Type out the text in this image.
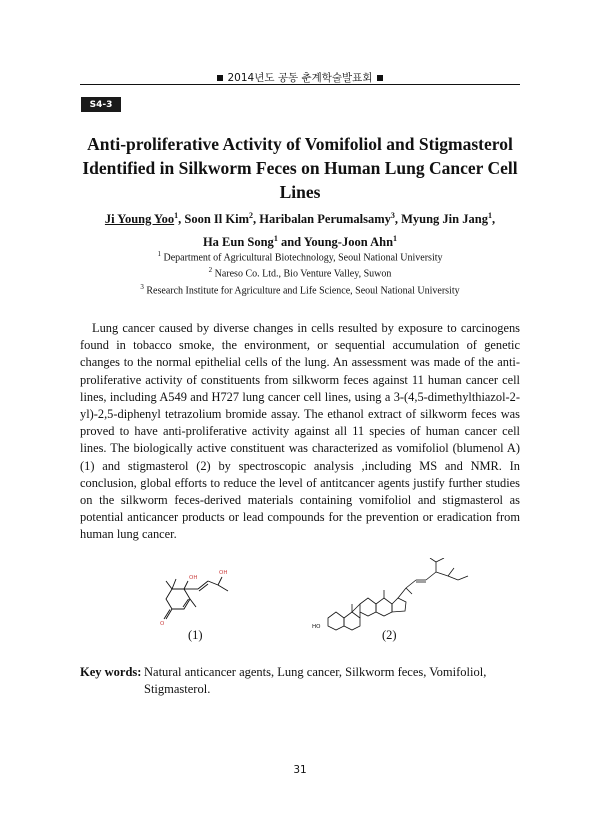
2014년도 공동 춘계학술발표회
S4-3
Anti-proliferative Activity of Vomifoliol and Stigmasterol
Identified in Silkworm Feces on Human Lung Cancer Cell Lines
Ji Young Yoo$^1$, Soon Il Kim$^2$, Haribalan Perumalsamy$^3$, Myung Jin Jang$^1$,
Ha Eun Song$^1$ and Young-Joon Ahn$^1$
$^1$ Department of Agricultural Biotechnology, Seoul National University
$^2$ Nareso Co. Ltd., Bio Venture Valley, Suwon
$^3$ Research Institute for Agriculture and Life Science, Seoul National University

Lung cancer caused by diverse changes in cells resulted by exposure to carcinogens found in tobacco smoke, the environment, or sequential accumulation of genetic changes to the normal epithelial cells of the lung. An assessment was made of the anti-proliferative activity of constituents from silkworm feces against 11 human cancer cell lines, including A549 and H727 lung cancer cell lines, using a 3-(4,5-dimethylthiazol-2-yl)-2,5-diphenyl tetrazolium bromide assay. The ethanol extract of silkworm feces was proved to have anti-proliferative activity against all 11 species of human cancer cell lines. The biologically active constituent was characterized as vomifoliol (blumenol A) (1) and stigmasterol (2) by spectroscopic analysis ,including MS and NMR. In conclusion, global efforts to reduce the level of antitcancer agents justify further studies on the silkworm feces-derived materials containing vomifoliol and stigmasterol as potential anticancer products or lead compounds for the prevention or eradication from human lung cancer.

OH
OH
O	HO
(1)	(2)
Key words: Natural anticancer agents, Lung cancer, Silkworm feces, Vomifoliol, Stigmasterol.
31
